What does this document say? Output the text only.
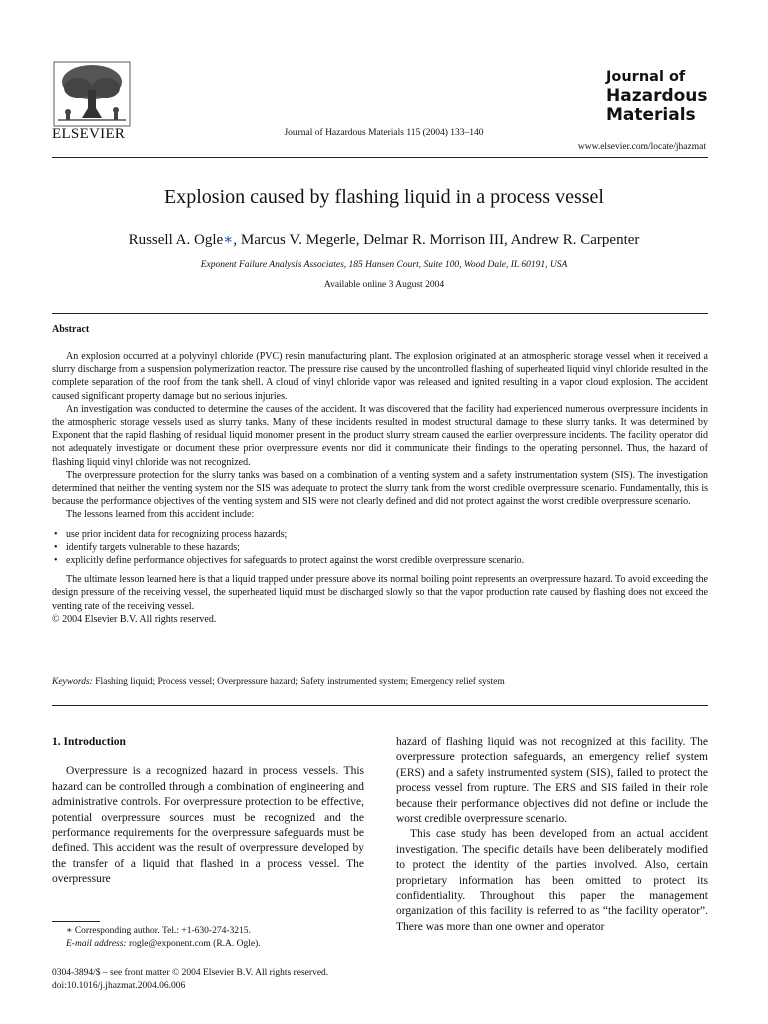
ELSEVIER	Journal of Hazardous Materials 115 (2004) 133–140
Journal of
Hazardous
Materials
www.elsevier.com/locate/jhazmat
Explosion caused by flashing liquid in a process vessel
Russell A. Ogle∗, Marcus V. Megerle, Delmar R. Morrison III, Andrew R. Carpenter
Exponent Failure Analysis Associates, 185 Hansen Court, Suite 100, Wood Dale, IL 60191, USA
Available online 3 August 2004
Abstract

An explosion occurred at a polyvinyl chloride (PVC) resin manufacturing plant. The explosion originated at an atmospheric storage vessel when it received a slurry discharge from a suspension polymerization reactor. The pressure rise caused by the uncontrolled flashing of superheated liquid vinyl chloride resulted in the complete separation of the roof from the tank shell. A cloud of vinyl chloride vapor was released and ignited resulting in a vapor cloud explosion. The accident caused significant property damage but no serious injuries.

An investigation was conducted to determine the causes of the accident. It was discovered that the facility had experienced numerous overpressure incidents in the atmospheric storage vessels used as slurry tanks. Many of these incidents resulted in modest structural damage to these slurry tanks. It was determined by Exponent that the rapid flashing of residual liquid monomer present in the product slurry stream caused the earlier overpressure incidents. The facility operator did not adequately investigate or document these prior overpressure events nor did it communicate their findings to the operating personnel. Thus, the hazard of flashing liquid vinyl chloride was not recognized.

The overpressure protection for the slurry tanks was based on a combination of a venting system and a safety instrumentation system (SIS). The investigation determined that neither the venting system nor the SIS was adequate to protect the slurry tank from the worst credible overpressure scenario. Fundamentally, this is because the performance objectives of the venting system and SIS were not clearly defined and did not protect against the worst credible overpressure scenario.

The lessons learned from this accident include:

• use prior incident data for recognizing process hazards;
• identify targets vulnerable to these hazards;
• explicitly define performance objectives for safeguards to protect against the worst credible overpressure scenario.

The ultimate lesson learned here is that a liquid trapped under pressure above its normal boiling point represents an overpressure hazard. To avoid exceeding the design pressure of the receiving vessel, the superheated liquid must be discharged slowly so that the vapor production rate caused by flashing does not exceed the venting rate of the receiving vessel.

© 2004 Elsevier B.V. All rights reserved.

Keywords: Flashing liquid; Process vessel; Overpressure hazard; Safety instrumented system; Emergency relief system
1. Introduction

Overpressure is a recognized hazard in process vessels. This hazard can be controlled through a combination of engineering and administrative controls. For overpressure protection to be effective, potential overpressure sources must be recognized and the performance requirements for the overpressure safeguards must be defined. This accident was the result of overpressure developed by the transfer of a liquid that flashed in a process vessel. The overpressure

hazard of flashing liquid was not recognized at this facility. The overpressure protection safeguards, an emergency relief system (ERS) and a safety instrumented system (SIS), failed to protect the process vessel from rupture. The ERS and SIS failed in their role because their performance objectives did not define or include the worst credible overpressure scenario.

This case study has been developed from an actual accident investigation. The specific details have been deliberately modified to protect the identity of the parties involved. Also, certain proprietary information has been omitted to protect its confidentiality. Throughout this paper the management organization of this facility is referred to as “the facility operator”. There was more than one owner and operator

∗ Corresponding author. Tel.: +1-630-274-3215.
E-mail address: rogle@exponent.com (R.A. Ogle).
0304-3894/$ – see front matter © 2004 Elsevier B.V. All rights reserved.
doi:10.1016/j.jhazmat.2004.06.006
